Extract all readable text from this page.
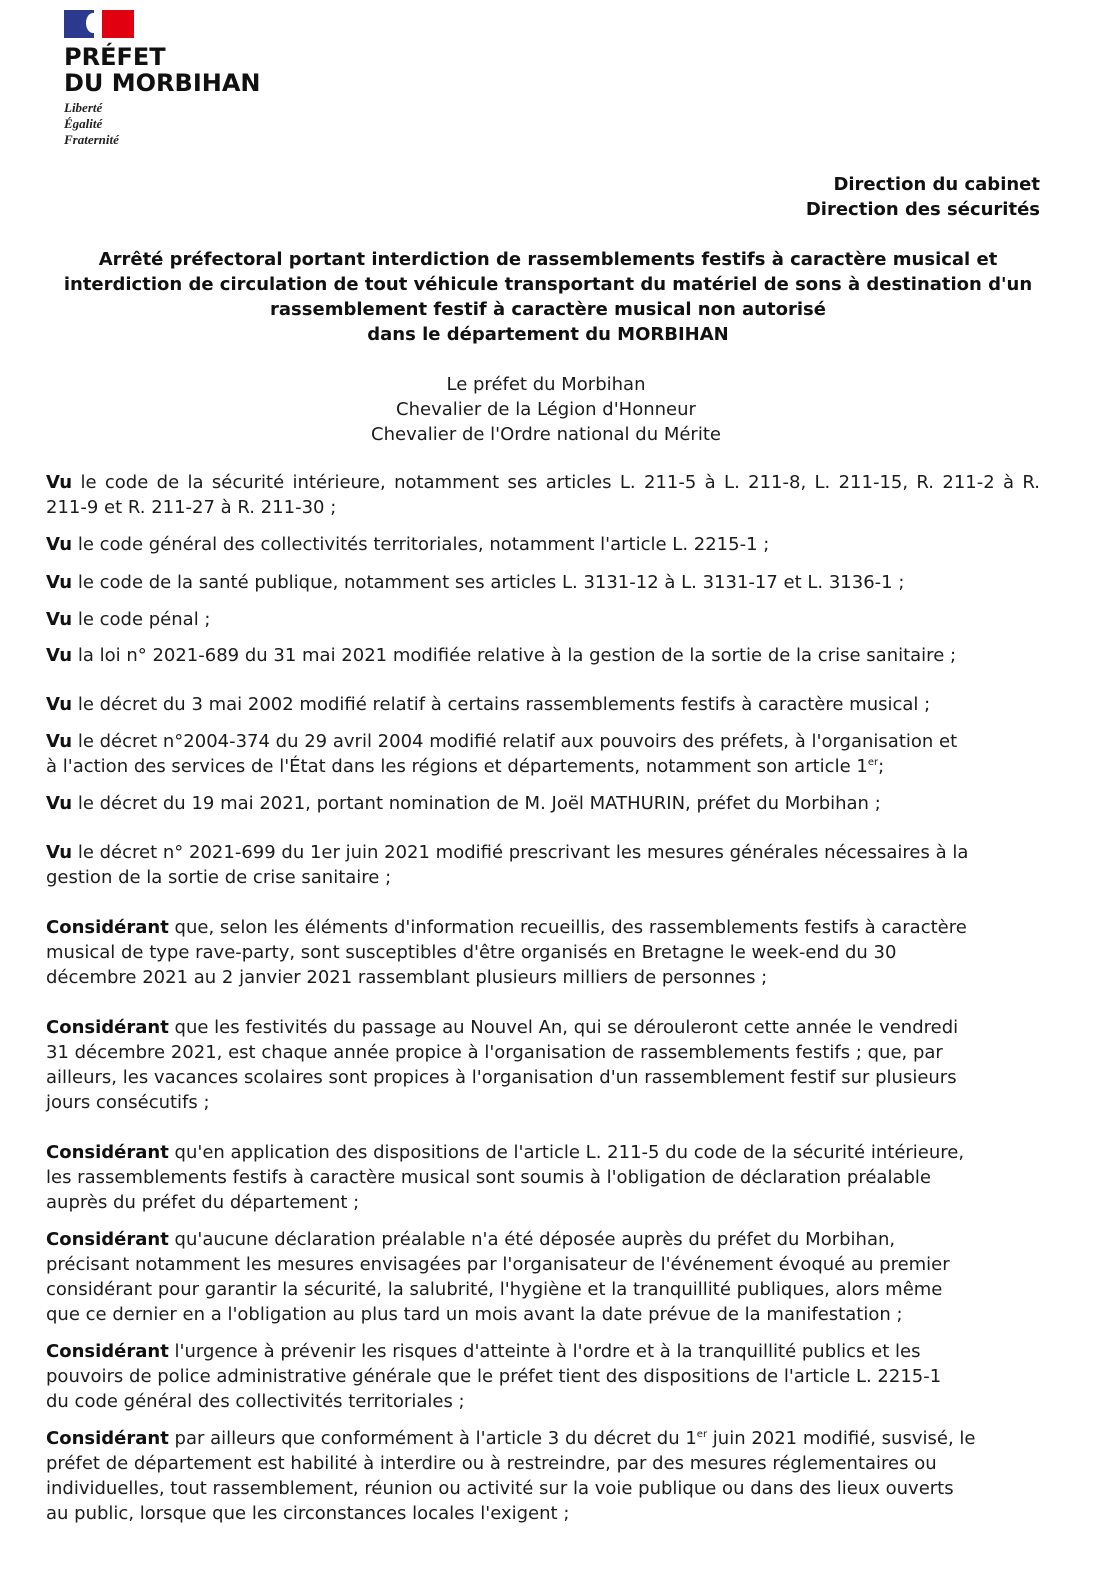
PRÉFET
DU MORBIHAN
Liberté
Égalité
Fraternité
Direction du cabinet
Direction des sécurités
Arrêté préfectoral portant interdiction de rassemblements festifs à caractère musical et
interdiction de circulation de tout véhicule transportant du matériel de sons à destination d'un
rassemblement festif à caractère musical non autorisé
dans le département du MORBIHAN
Le préfet du Morbihan
Chevalier de la Légion d'Honneur
Chevalier de l'Ordre national du Mérite
Vu le code de la sécurité intérieure, notamment ses articles L. 211-5 à L. 211-8, L. 211-15, R. 211-2 à R.
211-9 et R. 211-27 à R. 211-30 ;
Vu le code général des collectivités territoriales, notamment l'article L. 2215-1 ;
Vu le code de la santé publique, notamment ses articles L. 3131-12 à L. 3131-17 et L. 3136-1 ;
Vu le code pénal ;
Vu la loi n° 2021-689 du 31 mai 2021 modifiée relative à la gestion de la sortie de la crise sanitaire ;
Vu le décret du 3 mai 2002 modifié relatif à certains rassemblements festifs à caractère musical ;
Vu le décret n°2004-374 du 29 avril 2004 modifié relatif aux pouvoirs des préfets, à l'organisation et
à l'action des services de l'État dans les régions et départements, notamment son article 1er;
Vu le décret du 19 mai 2021, portant nomination de M. Joël MATHURIN, préfet du Morbihan ;
Vu le décret n° 2021-699 du 1er juin 2021 modifié prescrivant les mesures générales nécessaires à la
gestion de la sortie de crise sanitaire ;
Considérant que, selon les éléments d'information recueillis, des rassemblements festifs à caractère
musical de type rave-party, sont susceptibles d'être organisés en Bretagne le week-end du 30
décembre 2021 au 2 janvier 2021 rassemblant plusieurs milliers de personnes ;
Considérant que les festivités du passage au Nouvel An, qui se dérouleront cette année le vendredi
31 décembre 2021, est chaque année propice à l'organisation de rassemblements festifs ; que, par
ailleurs, les vacances scolaires sont propices à l'organisation d'un rassemblement festif sur plusieurs
jours consécutifs ;
Considérant qu'en application des dispositions de l'article L. 211-5 du code de la sécurité intérieure,
les rassemblements festifs à caractère musical sont soumis à l'obligation de déclaration préalable
auprès du préfet du département ;
Considérant qu'aucune déclaration préalable n'a été déposée auprès du préfet du Morbihan,
précisant notamment les mesures envisagées par l'organisateur de l'événement évoqué au premier
considérant pour garantir la sécurité, la salubrité, l'hygiène et la tranquillité publiques, alors même
que ce dernier en a l'obligation au plus tard un mois avant la date prévue de la manifestation ;
Considérant l'urgence à prévenir les risques d'atteinte à l'ordre et à la tranquillité publics et les
pouvoirs de police administrative générale que le préfet tient des dispositions de l'article L. 2215-1
du code général des collectivités territoriales ;
Considérant par ailleurs que conformément à l'article 3 du décret du 1er juin 2021 modifié, susvisé, le
préfet de département est habilité à interdire ou à restreindre, par des mesures réglementaires ou
individuelles, tout rassemblement, réunion ou activité sur la voie publique ou dans des lieux ouverts
au public, lorsque que les circonstances locales l'exigent ;
